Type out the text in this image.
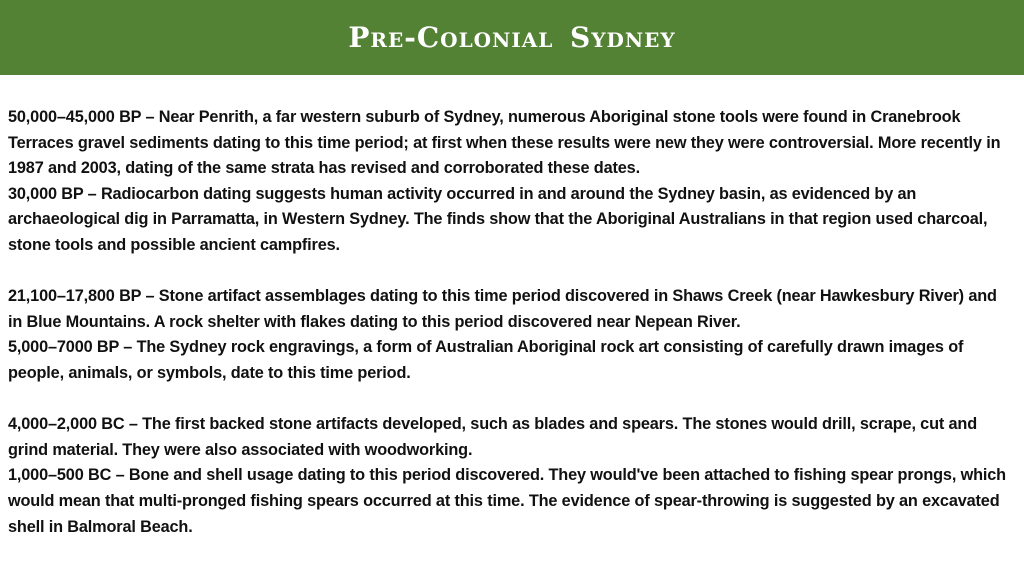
Pre-Colonial Sydney

50,000–45,000 BP – Near Penrith, a far western suburb of Sydney, numerous Aboriginal stone tools were found in Cranebrook Terraces gravel sediments dating to this time period; at first when these results were new they were controversial. More recently in 1987 and 2003, dating of the same strata has revised and corroborated these dates.

30,000 BP – Radiocarbon dating suggests human activity occurred in and around the Sydney basin, as evidenced by an archaeological dig in Parramatta, in Western Sydney. The finds show that the Aboriginal Australians in that region used charcoal, stone tools and possible ancient campfires.

21,100–17,800 BP – Stone artifact assemblages dating to this time period discovered in Shaws Creek (near Hawkesbury River) and in Blue Mountains. A rock shelter with flakes dating to this period discovered near Nepean River.

5,000–7000 BP – The Sydney rock engravings, a form of Australian Aboriginal rock art consisting of carefully drawn images of people, animals, or symbols, date to this time period.

4,000–2,000 BC – The first backed stone artifacts developed, such as blades and spears. The stones would drill, scrape, cut and grind material. They were also associated with woodworking.

1,000–500 BC – Bone and shell usage dating to this period discovered. They would've been attached to fishing spear prongs, which would mean that multi-pronged fishing spears occurred at this time. The evidence of spear-throwing is suggested by an excavated shell in Balmoral Beach.
